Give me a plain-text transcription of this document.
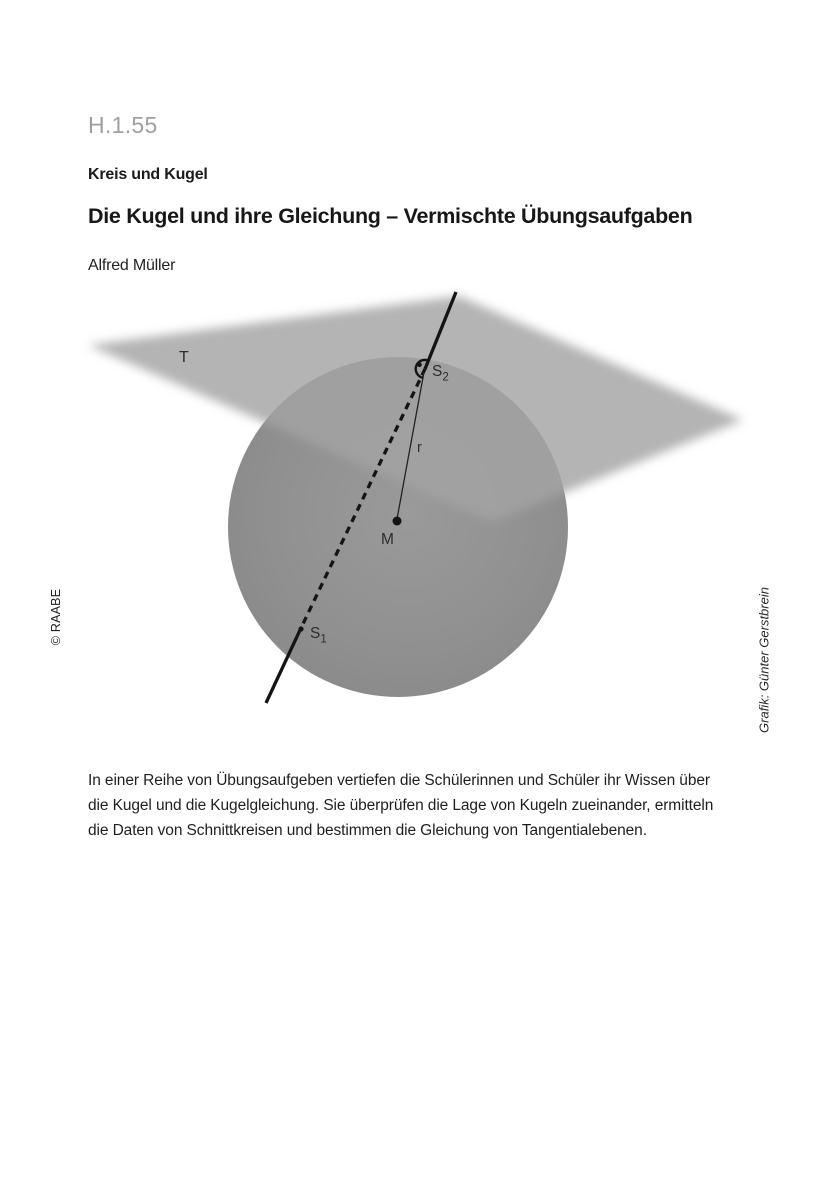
H.1.55
Kreis und Kugel
Die Kugel und ihre Gleichung – Vermischte Übungsaufgaben
Alfred Müller
T
$S_2$
r
M
$S_1$
© RAABE	Grafik: Günter Gerstbrein

In einer Reihe von Übungsaufgeben vertiefen die Schülerinnen und Schüler ihr Wissen über die Kugel und die Kugelgleichung. Sie überprüfen die Lage von Kugeln zueinander, ermitteln die Daten von Schnittkreisen und bestimmen die Gleichung von Tangentialebenen.
